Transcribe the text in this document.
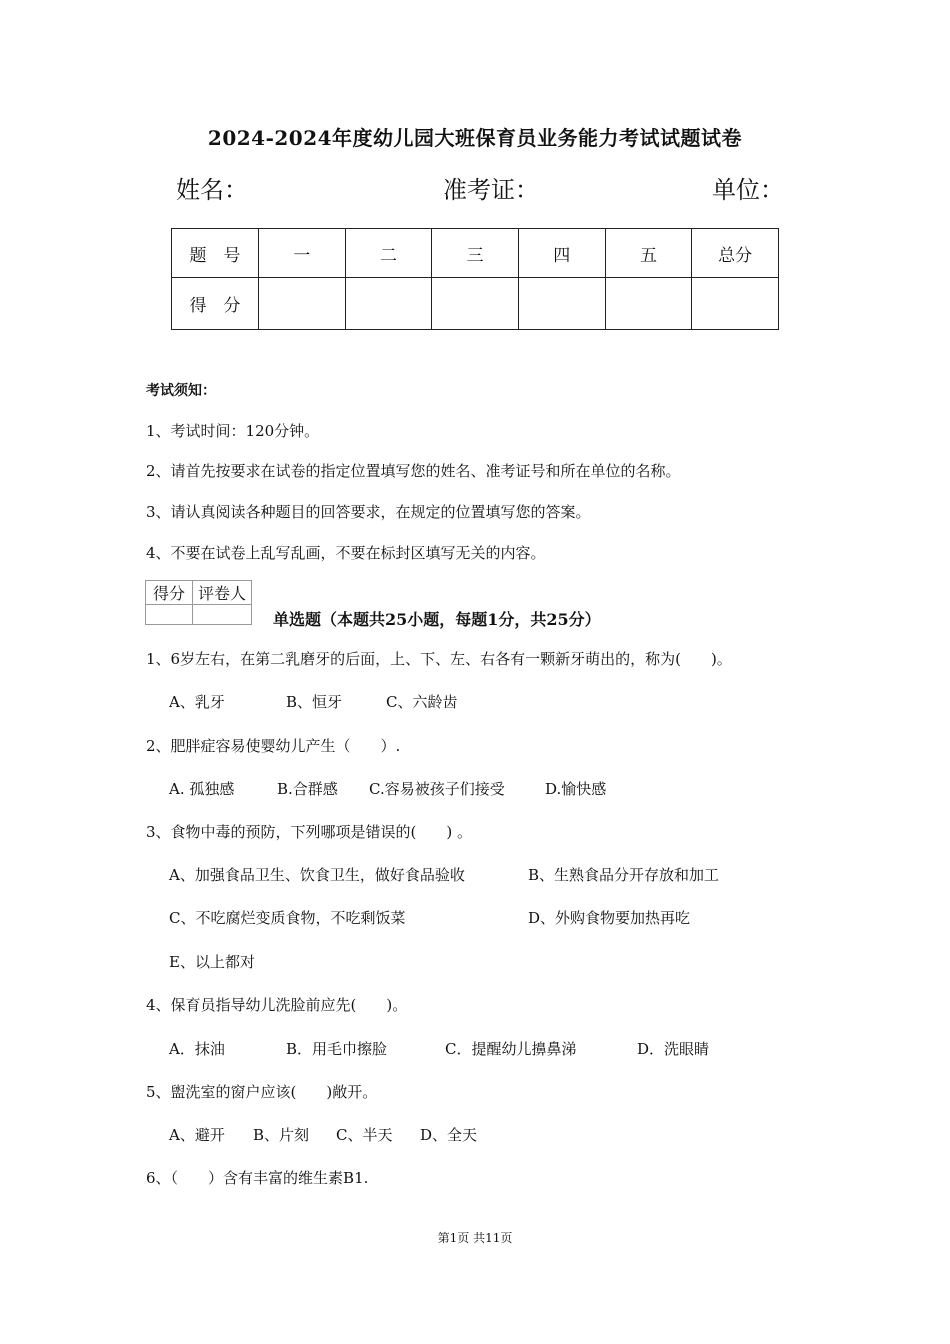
2024-2024年度幼儿园大班保育员业务能力考试试题试卷
姓名：	准考证：	单位：
题　号	一	二	三	四	五	总分
得　分						
考试须知：
1、考试时间：120分钟。
2、请首先按要求在试卷的指定位置填写您的姓名、准考证号和所在单位的名称。
3、请认真阅读各种题目的回答要求，在规定的位置填写您的答案。
4、不要在试卷上乱写乱画，不要在标封区填写无关的内容。
得分	评卷人

单选题（本题共25小题，每题1分，共25分）
1、6岁左右，在第二乳磨牙的后面，上、下、左、右各有一颗新牙萌出的，称为(　　)。
A、乳牙	B、恒牙	C、六龄齿
2、肥胖症容易使婴幼儿产生（　　）.
A. 孤独感	B.合群感 C.容易被孩子们接受	D.愉快感
3、食物中毒的预防，下列哪项是错误的(　　) 。
A、加强食品卫生、饮食卫生，做好食品验收	B、生熟食品分开存放和加工
C、不吃腐烂变质食物，不吃剩饭菜	D、外购食物要加热再吃
E、以上都对
4、保育员指导幼儿洗脸前应先(　　)。
A．抹油	B．用毛巾擦脸	C．提醒幼儿擤鼻涕	D．洗眼睛
5、盥洗室的窗户应该(　　)敞开。
A、避开 B、片刻 C、半天 D、全天
6、（　　）含有丰富的维生素B1.
第1页 共11页
